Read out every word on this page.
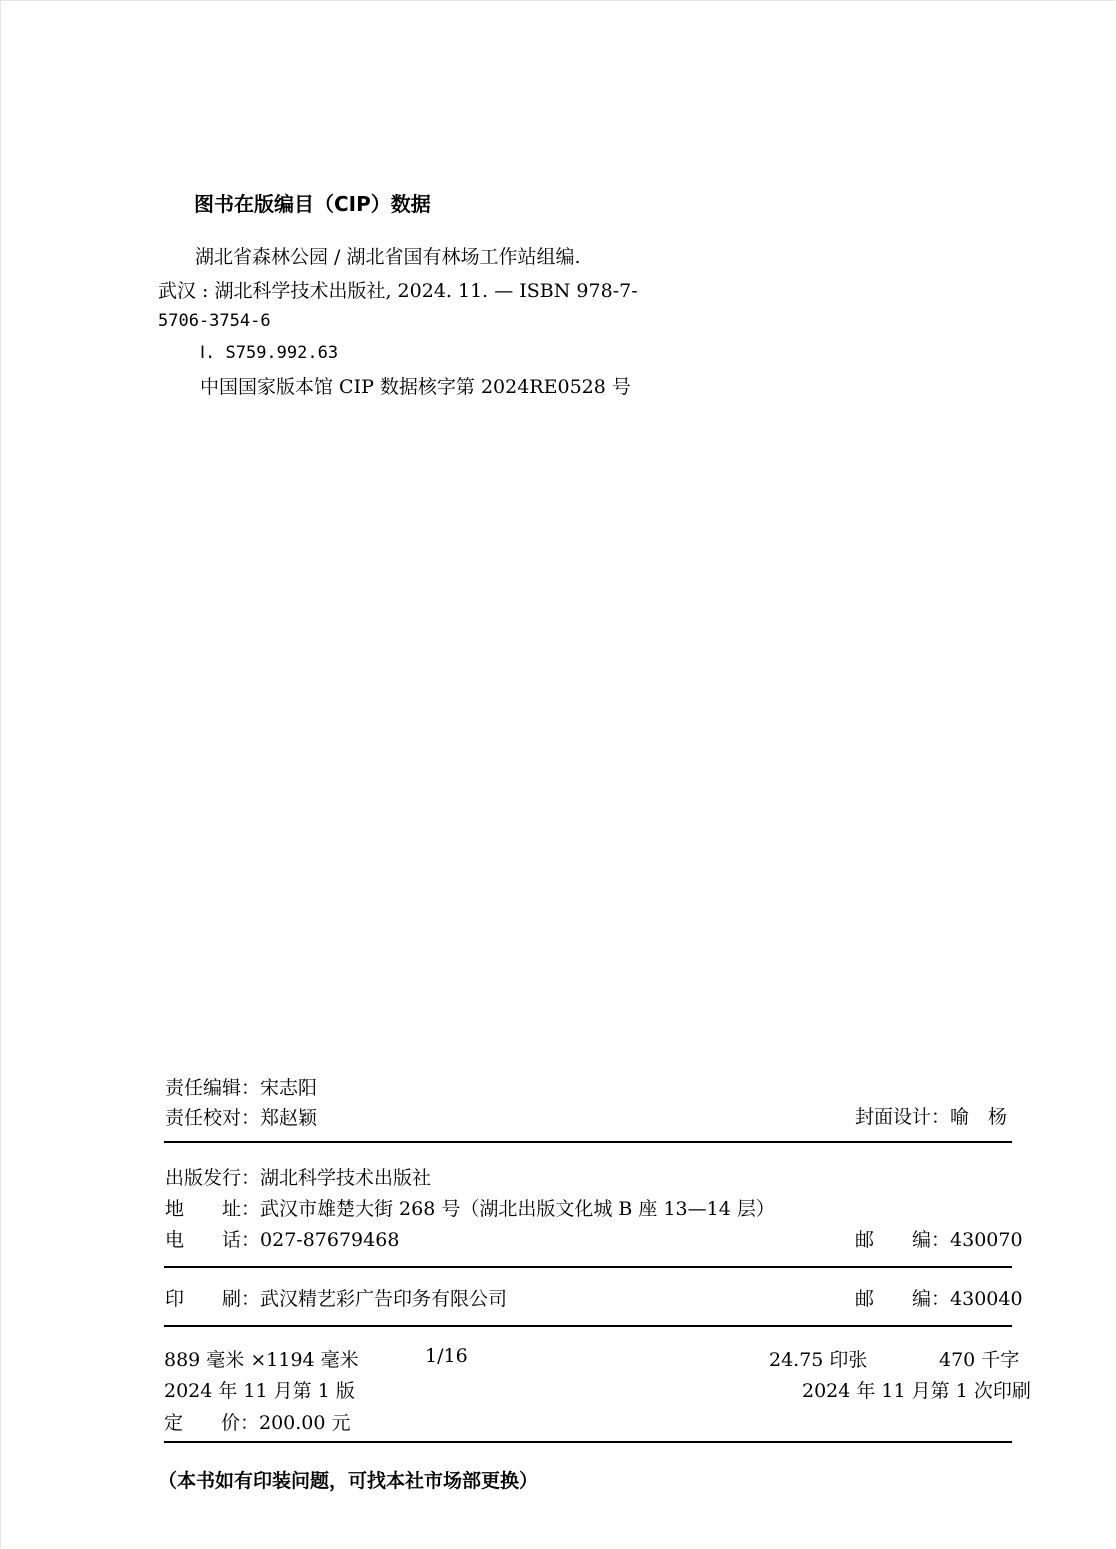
图书在版编目（CIP）数据
湖北省森林公园 / 湖北省国有林场工作站组编.
武汉 : 湖北科学技术出版社, 2024. 11. — ISBN 978-7-
5706-3754-6
Ⅰ. S759.992.63
中国国家版本馆 CIP 数据核字第 2024RE0528 号
责任编辑：宋志阳
责任校对：郑赵颖	封面设计：喻　杨
出版发行：湖北科学技术出版社
地　　址：武汉市雄楚大街 268 号（湖北出版文化城 B 座 13—14 层）
电　　话：027-87679468	邮　　编：430070
印　　刷：武汉精艺彩广告印务有限公司	邮　　编：430040
889 毫米 ×1194 毫米	1/16	24.75 印张	470 千字
2024 年 11 月第 1 版	2024 年 11 月第 1 次印刷
定　　价：200.00 元
（本书如有印装问题，可找本社市场部更换）
